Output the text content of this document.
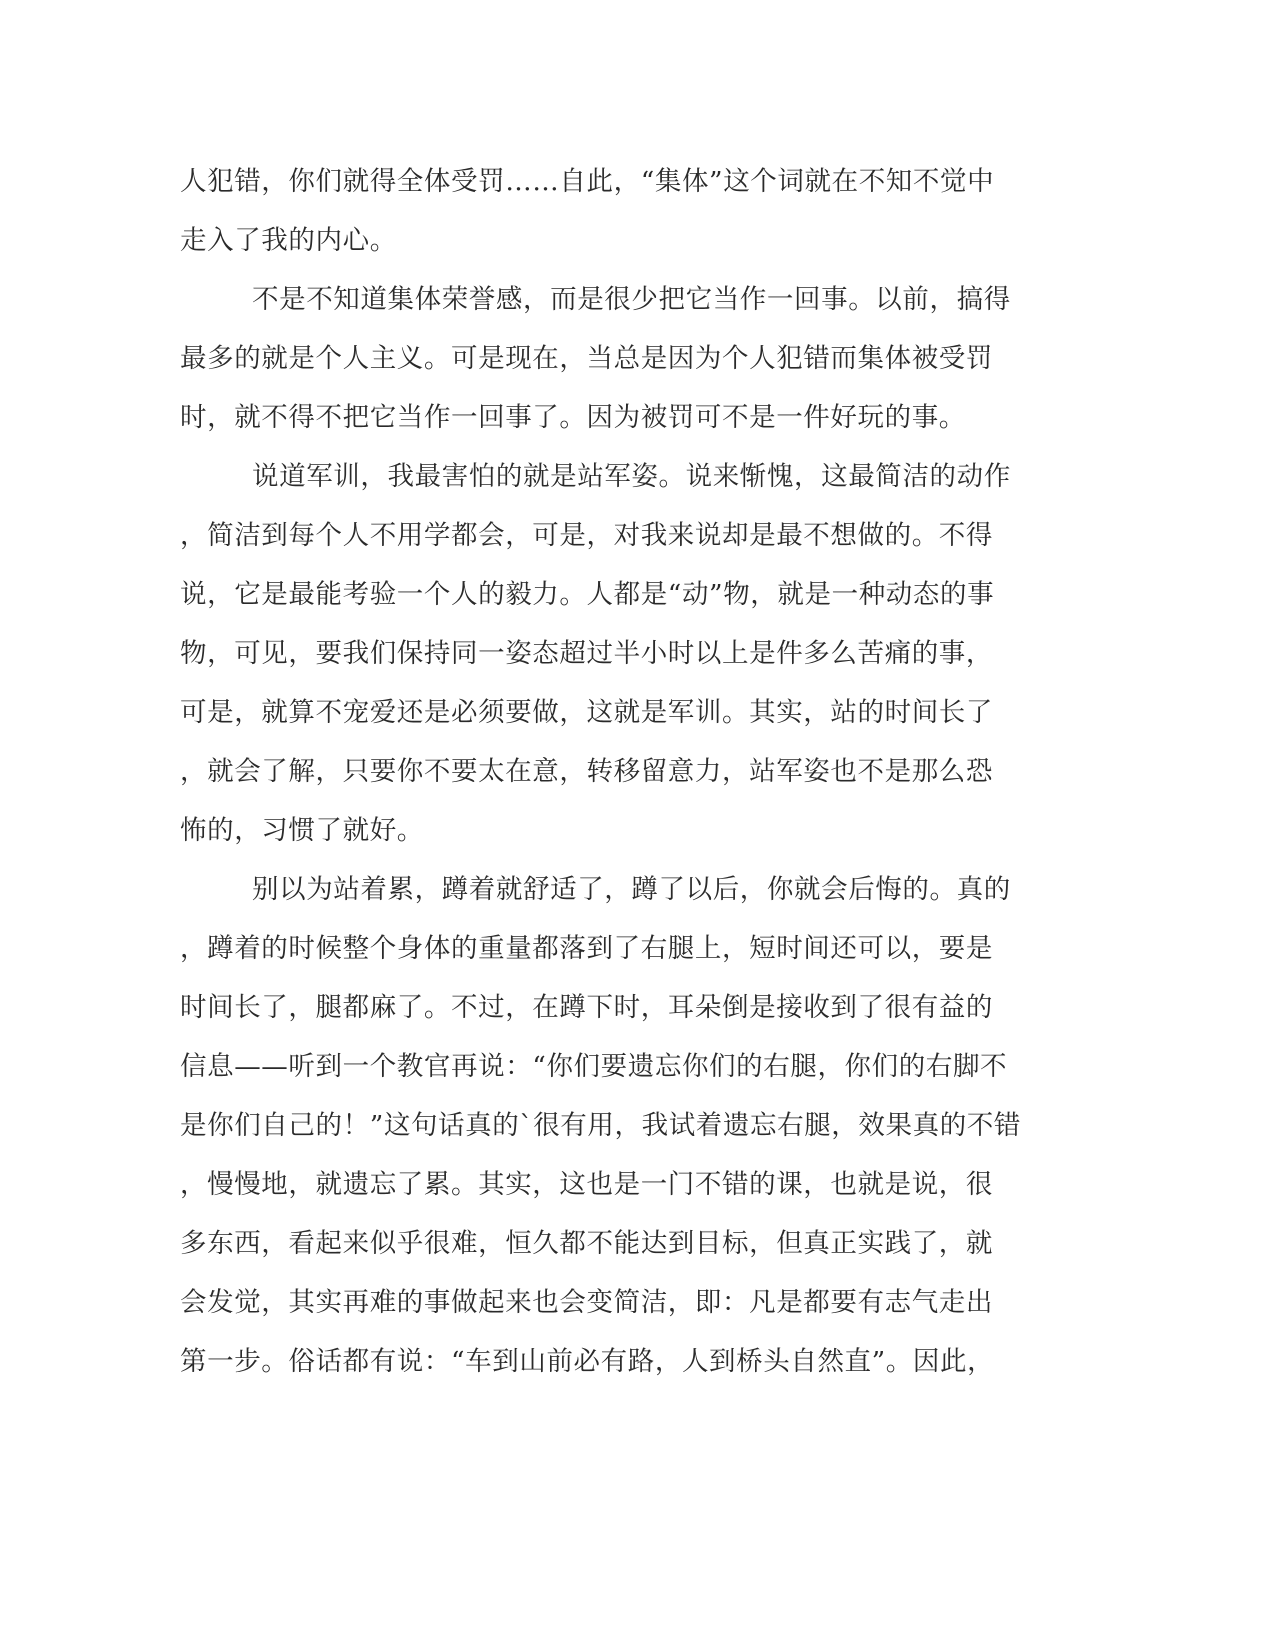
人犯错，你们就得全体受罚……自此，“集体”这个词就在不知不觉中
走入了我的内心。
不是不知道集体荣誉感，而是很少把它当作一回事。以前，搞得
最多的就是个人主义。可是现在，当总是因为个人犯错而集体被受罚
时，就不得不把它当作一回事了。因为被罚可不是一件好玩的事。
说道军训，我最害怕的就是站军姿。说来惭愧，这最简洁的动作
，简洁到每个人不用学都会，可是，对我来说却是最不想做的。不得
说，它是最能考验一个人的毅力。人都是“动”物，就是一种动态的事
物，可见，要我们保持同一姿态超过半小时以上是件多么苦痛的事，
可是，就算不宠爱还是必须要做，这就是军训。其实，站的时间长了
，就会了解，只要你不要太在意，转移留意力，站军姿也不是那么恐
怖的，习惯了就好。
别以为站着累，蹲着就舒适了，蹲了以后，你就会后悔的。真的
，蹲着的时候整个身体的重量都落到了右腿上，短时间还可以，要是
时间长了，腿都麻了。不过，在蹲下时，耳朵倒是接收到了很有益的
信息——听到一个教官再说：“你们要遗忘你们的右腿，你们的右脚不
是你们自己的！”这句话真的`很有用，我试着遗忘右腿，效果真的不错
，慢慢地，就遗忘了累。其实，这也是一门不错的课，也就是说，很
多东西，看起来似乎很难，恒久都不能达到目标，但真正实践了，就
会发觉，其实再难的事做起来也会变简洁，即：凡是都要有志气走出
第一步。俗话都有说：“车到山前必有路，人到桥头自然直”。因此，
